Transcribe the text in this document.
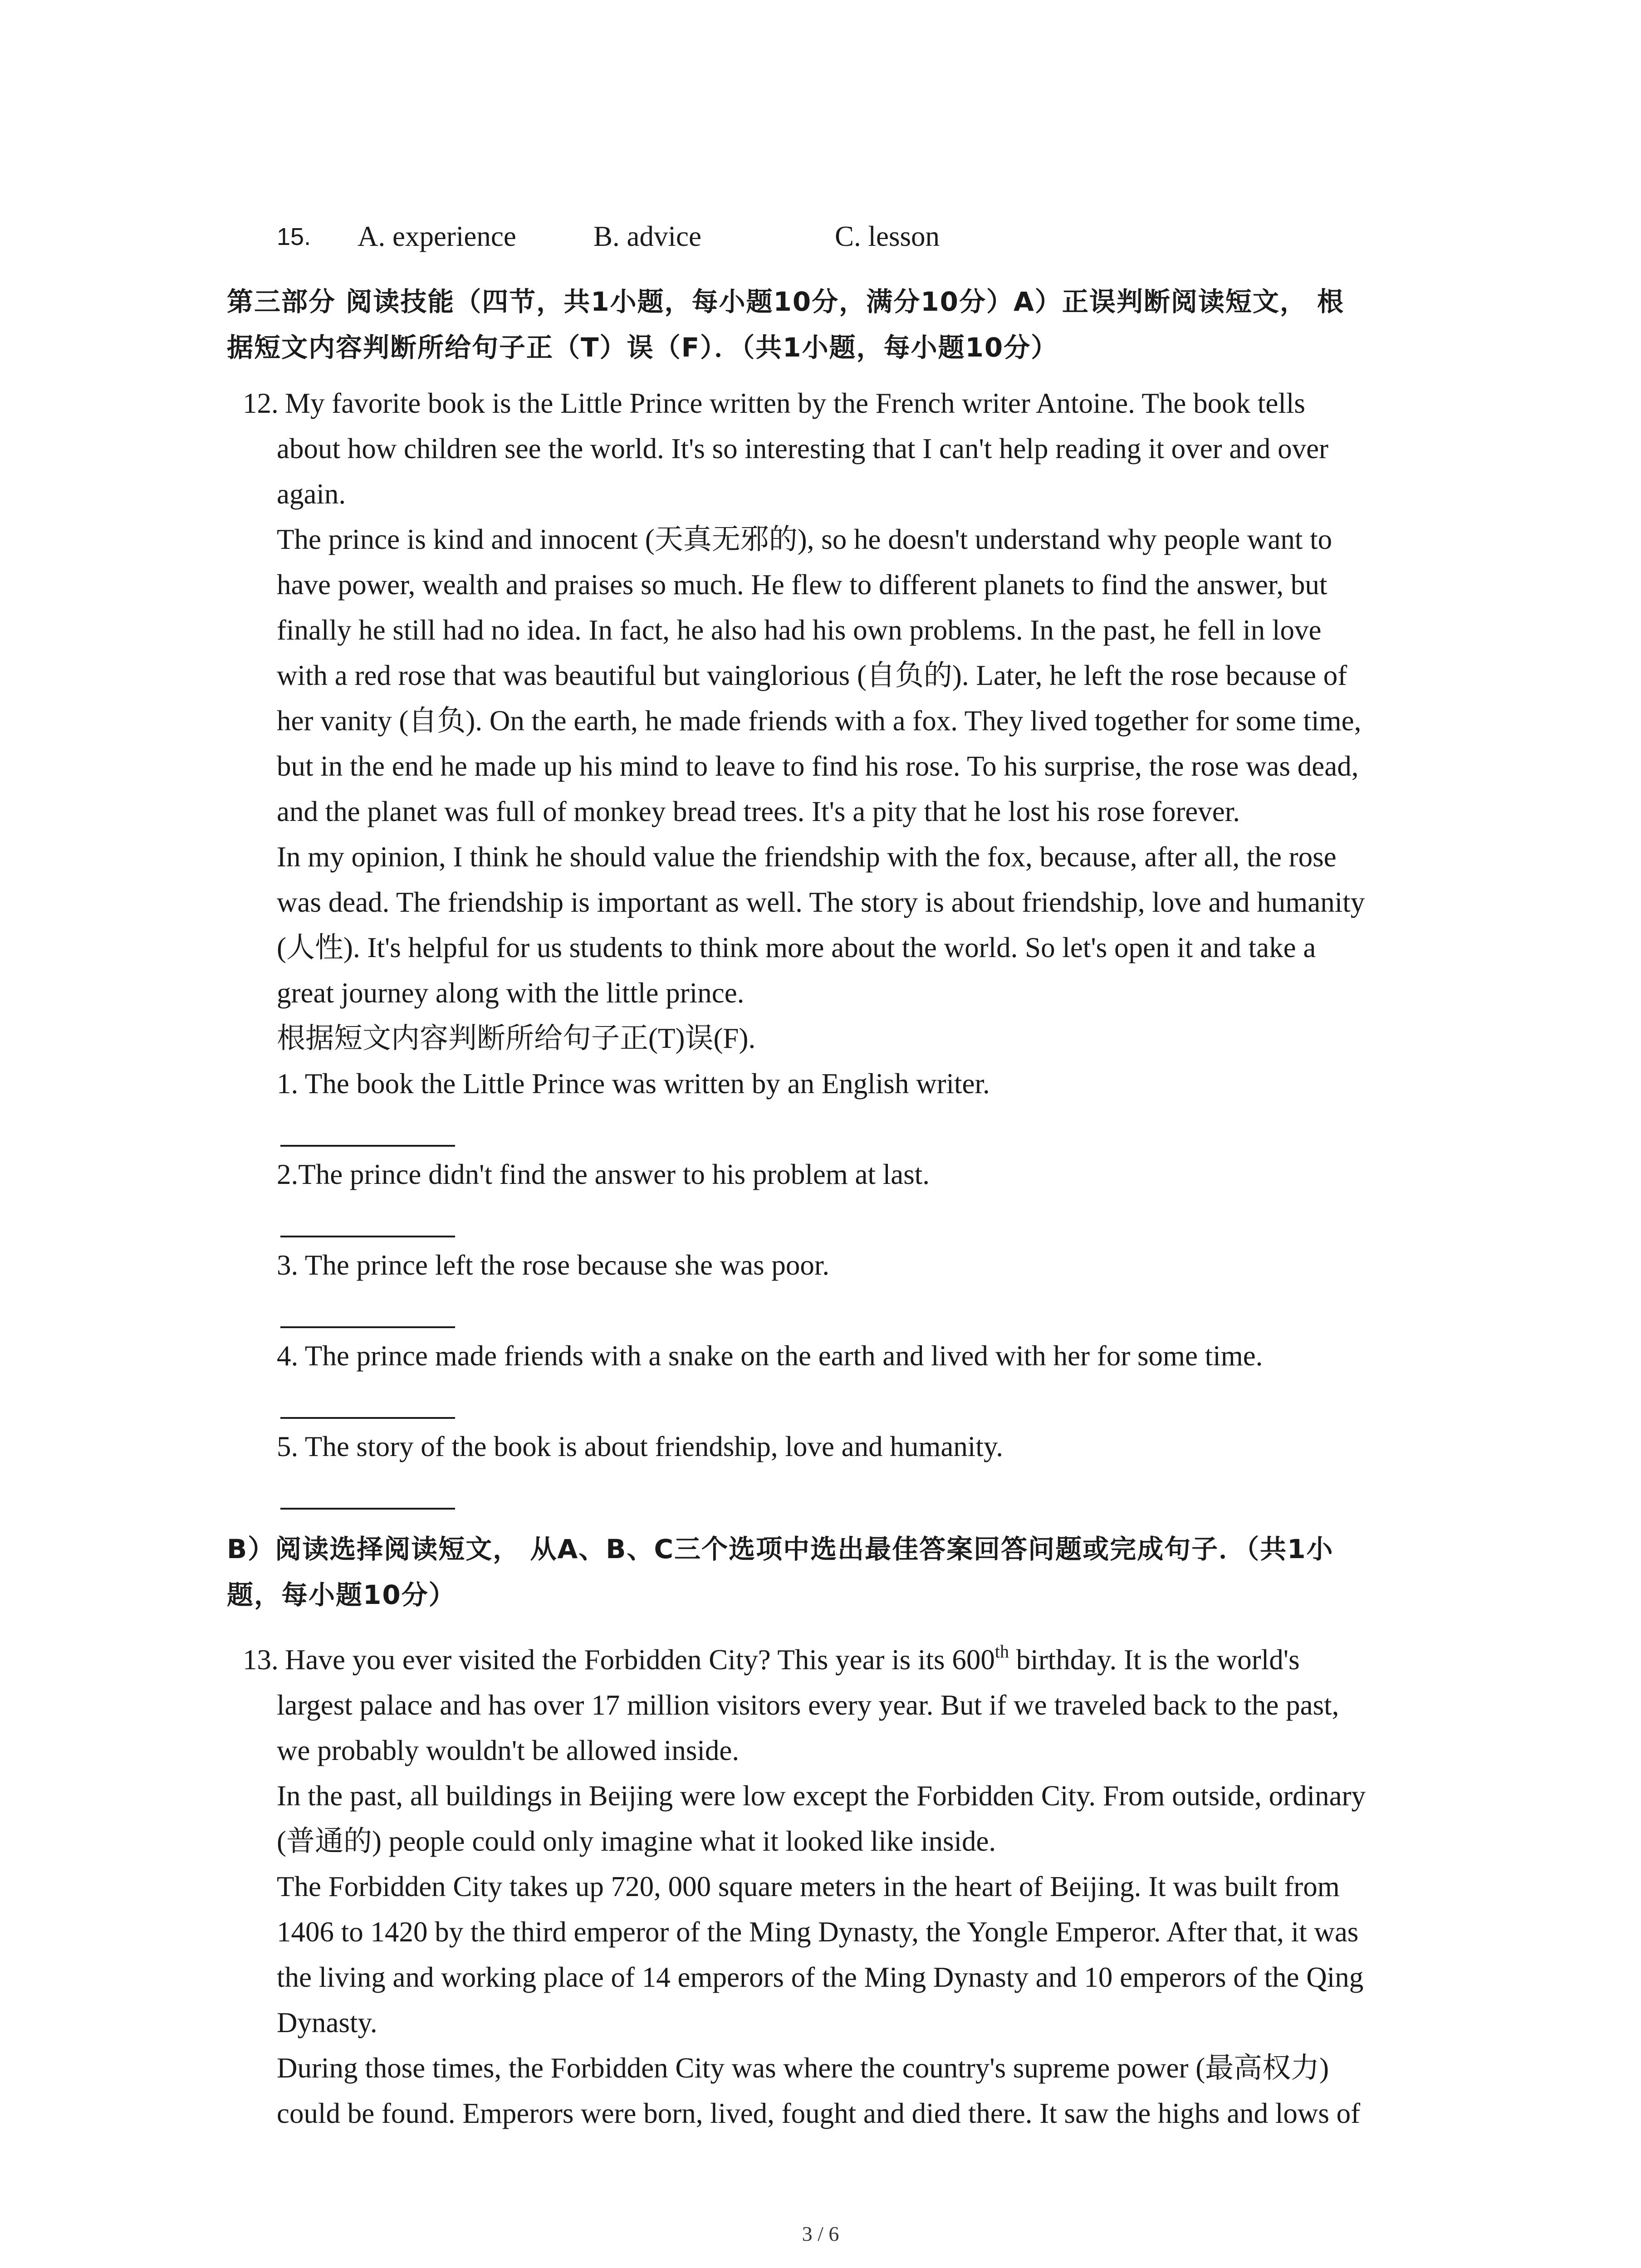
15. A. experience	B. advice	C. lesson
第三部分 阅读技能（四节，共1小题，每小题10分，满分10分）A）正误判断阅读短文， 根
据短文内容判断所给句子正（T）误（F）．（共1小题，每小题10分）
12. My favorite book is the Little Prince written by the French writer Antoine. The book tells
about how children see the world. It's so interesting that I can't help reading it over and over
again.
The prince is kind and innocent (天真无邪的), so he doesn't understand why people want to
have power, wealth and praises so much. He flew to different planets to find the answer, but
finally he still had no idea. In fact, he also had his own problems. In the past, he fell in love
with a red rose that was beautiful but vainglorious (自负的). Later, he left the rose because of
her vanity (自负). On the earth, he made friends with a fox. They lived together for some time,
but in the end he made up his mind to leave to find his rose. To his surprise, the rose was dead,
and the planet was full of monkey bread trees. It's a pity that he lost his rose forever.
In my opinion, I think he should value the friendship with the fox, because, after all, the rose
was dead. The friendship is important as well. The story is about friendship, love and humanity
(人性). It's helpful for us students to think more about the world. So let's open it and take a
great journey along with the little prince.
根据短文内容判断所给句子正(T)误(F).
1. The book the Little Prince was written by an English writer.
2.The prince didn't find the answer to his problem at last.
3. The prince left the rose because she was poor.
4. The prince made friends with a snake on the earth and lived with her for some time.
5. The story of the book is about friendship, love and humanity.
B）阅读选择阅读短文， 从A、B、C三个选项中选出最佳答案回答问题或完成句子．（共1小
题，每小题10分）
13. Have you ever visited the Forbidden City? This year is its 600th birthday. It is the world's
largest palace and has over 17 million visitors every year. But if we traveled back to the past,
we probably wouldn't be allowed inside.
In the past, all buildings in Beijing were low except the Forbidden City. From outside, ordinary
(普通的) people could only imagine what it looked like inside.
The Forbidden City takes up 720, 000 square meters in the heart of Beijing. It was built from
1406 to 1420 by the third emperor of the Ming Dynasty, the Yongle Emperor. After that, it was
the living and working place of 14 emperors of the Ming Dynasty and 10 emperors of the Qing
Dynasty.
During those times, the Forbidden City was where the country's supreme power (最高权力)
could be found. Emperors were born, lived, fought and died there. It saw the highs and lows of
3 / 6
